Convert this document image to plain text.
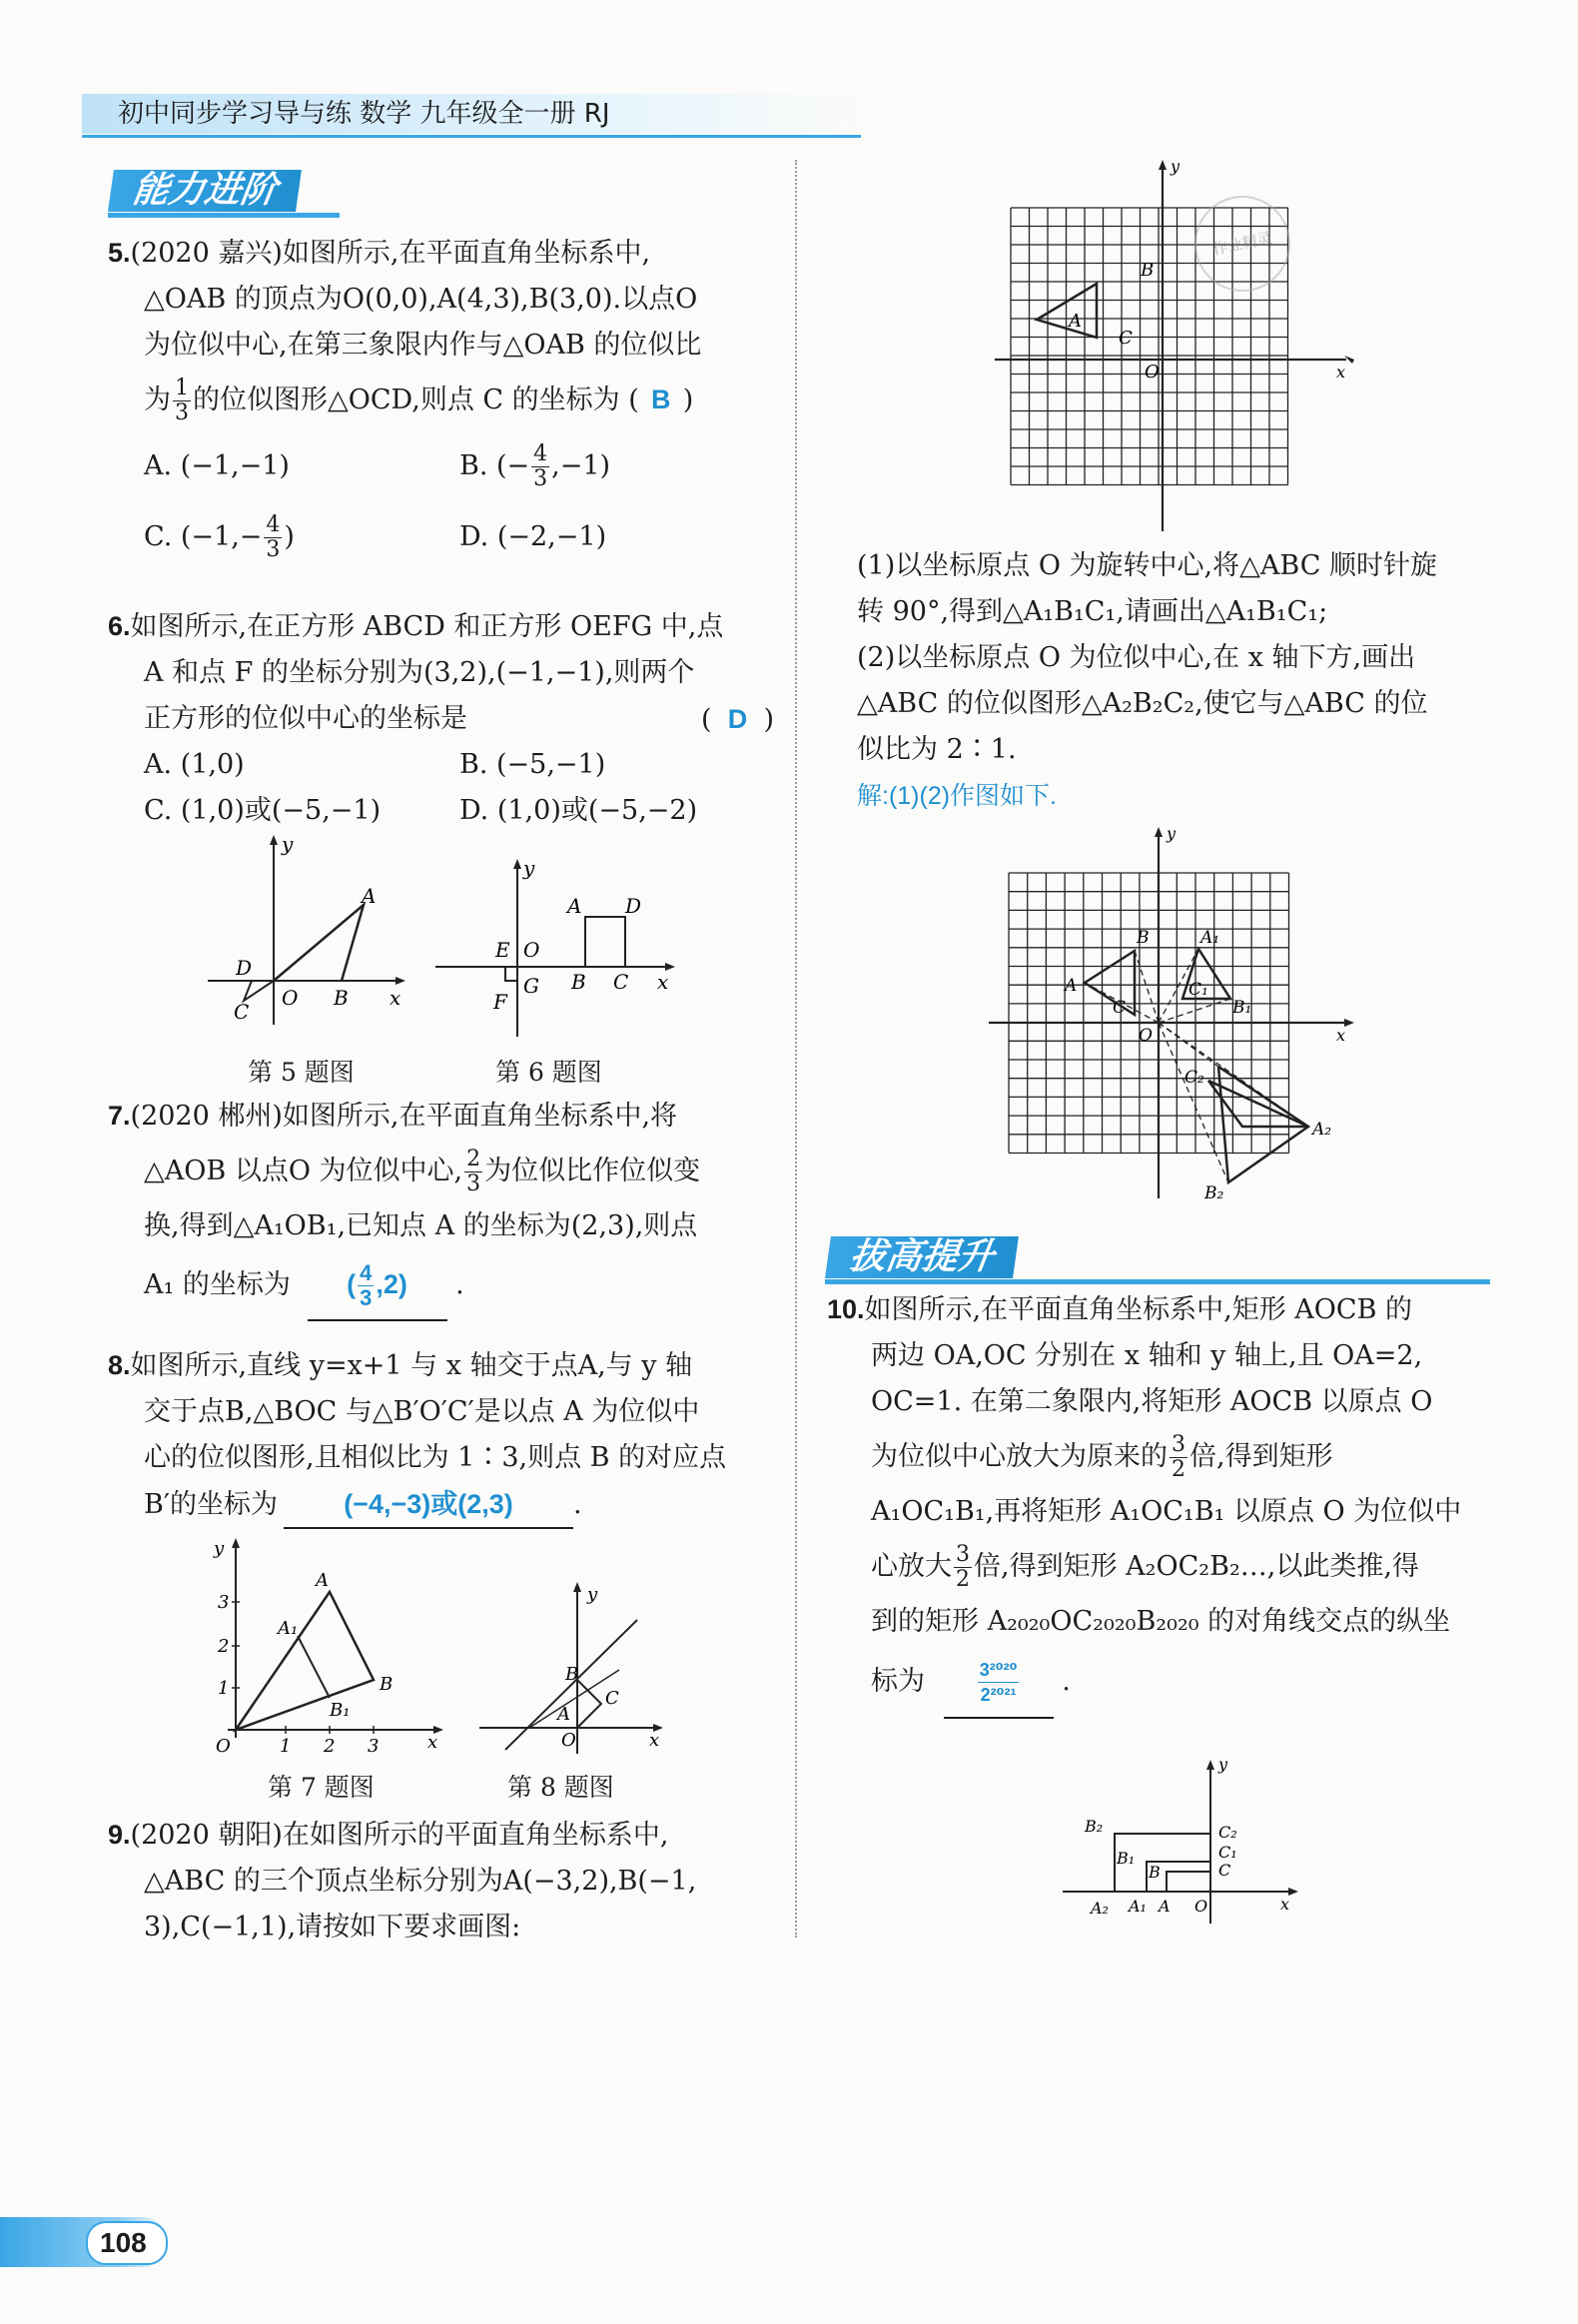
初中同步学习导与练 数学 九年级全一册 RJ
能力进阶
5.(2020 嘉兴)如图所示,在平面直角坐标系中,
△OAB 的顶点为O(0,0),A(4,3),B(3,0).以点O
为位似中心,在第三象限内作与△OAB 的位似比
为 $\frac{1}{3}$ 的位似图形△OCD,则点 C 的坐标为 ( B )
A. (−1,−1)	B. (− $\frac{4}{3} ,-1$)
C. ($-1,- \frac{4}{3}$ )	D. (−2,−1)
6.如图所示,在正方形 ABCD 和正方形 OEFG 中,点
A 和点 F 的坐标分别为(3,2),(−1,−1),则两个
正方形的位似中心的坐标是	( D )
A. (1,0)	B. (−5,−1)
C. (1,0)或(−5,−1)	D. (1,0)或(−5,−2)
y
A
D
O B x
C
第 5 题图
y
A D
E O
B C x
G
F
第 6 题图
7.(2020 郴州)如图所示,在平面直角坐标系中,将
△AOB 以点O 为位似中心, $\frac{2}{3}$ 为位似比作位似变
换,得到△A₁OB₁,已知点 A 的坐标为(2,3),则点
A₁ 的坐标为 ( $\frac{4}{3} ,2$) .
8.如图所示,直线 y=x+1 与 x 轴交于点A,与 y 轴
交于点B,△BOC 与△B′O′C′是以点 A 为位似中
心的位似图形,且相似比为 1∶3,则点 B 的对应点
B′的坐标为 (−4,−3)或(2,3) .
y
3
2
1
O	1 2 3	x
A
A₁
B
B₁
第 7 题图
y
B
C
A
O	x
第 8 题图
9.(2020 朝阳)在如图所示的平面直角坐标系中,
△ABC 的三个顶点坐标分别为A(−3,2),B(−1,
3),C(−1,1),请按如下要求画图:
y
B
A
C
O	x
作业精灵
(1)以坐标原点 O 为旋转中心,将△ABC 顺时针旋
转 90°,得到△A₁B₁C₁,请画出△A₁B₁C₁;
(2)以坐标原点 O 为位似中心,在 x 轴下方,画出
△ABC 的位似图形△A₂B₂C₂,使它与△ABC 的位
似比为 2∶1.
解:(1)(2)作图如下.
y
B	A₁
A	C₁
C	B₁
O	x
C₂
A₂
B₂
拔高提升
10.如图所示,在平面直角坐标系中,矩形 AOCB 的
两边 OA,OC 分别在 x 轴和 y 轴上,且 OA=2,
OC=1. 在第二象限内,将矩形 AOCB 以原点 O
为位似中心放大为原来的 $\frac{3}{2}$ 倍,得到矩形
A₁OC₁B₁,再将矩形 A₁OC₁B₁ 以原点 O 为位似中
心放大 $\frac{3}{2}$ 倍,得到矩形 A₂OC₂B₂…,以此类推,得
到的矩形 A₂₀₂₀OC₂₀₂₀B₂₀₂₀ 的对角线交点的纵坐
标为	$\frac{\text{3²⁰²⁰}}{\text{2²⁰²¹}}$ .
y
B₂	C₂
B₁	C₁
B	C
A₂ A₁ A O	x
108
